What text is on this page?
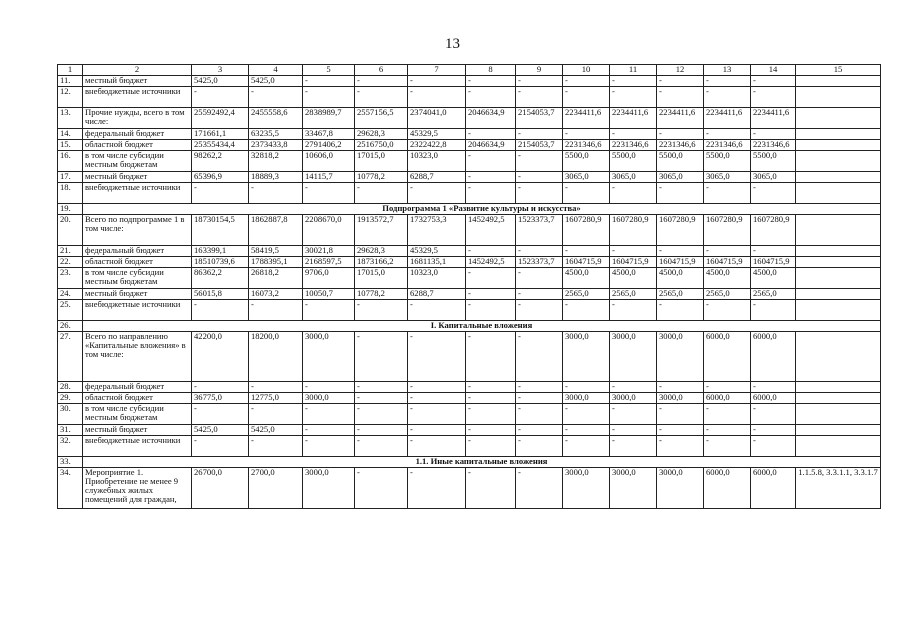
13
1	2	3	4	5	6	7	8	9	10	11	12	13	14	15
11.	местный бюджет	5425,0	5425,0	-	-	-	-	-	-	-	-	-	-	
12.	внебюджетные источники	-	-	-	-	-	-	-	-	-	-	-	-	
13.	Прочие нужды, всего в том числе:	25592492,4	2455558,6	2838989,7	2557156,5	2374041,0	2046634,9	2154053,7	2234411,6	2234411,6	2234411,6	2234411,6	2234411,6	
14.	федеральный бюджет	171661,1	63235,5	33467,8	29628,3	45329,5	-	-	-	-	-	-	-	
15.	областной бюджет	25355434,4	2373433,8	2791406,2	2516750,0	2322422,8	2046634,9	2154053,7	2231346,6	2231346,6	2231346,6	2231346,6	2231346,6	
16.	в том числе субсидии местным бюджетам	98262,2	32818,2	10606,0	17015,0	10323,0	-	-	5500,0	5500,0	5500,0	5500,0	5500,0	
17.	местный бюджет	65396,9	18889,3	14115,7	10778,2	6288,7	-	-	3065,0	3065,0	3065,0	3065,0	3065,0	
18.	внебюджетные источники	-	-	-	-	-	-	-	-	-	-	-	-	
19.	Подпрограмма 1 «Развитие культуры и искусства»													
20.	Всего по подпрограмме 1 в том числе:	18730154,5	1862887,8	2208670,0	1913572,7	1732753,3	1452492,5	1523373,7	1607280,9	1607280,9	1607280,9	1607280,9	1607280,9	
21.	федеральный бюджет	163399,1	58419,5	30021,8	29628,3	45329,5	-	-	-	-	-	-	-	
22.	областной бюджет	18510739,6	1788395,1	2168597,5	1873166,2	1681135,1	1452492,5	1523373,7	1604715,9	1604715,9	1604715,9	1604715,9	1604715,9	
23.	в том числе субсидии местным бюджетам	86362,2	26818,2	9706,0	17015,0	10323,0	-	-	4500,0	4500,0	4500,0	4500,0	4500,0	
24.	местный бюджет	56015,8	16073,2	10050,7	10778,2	6288,7	-	-	2565,0	2565,0	2565,0	2565,0	2565,0	
25.	внебюджетные источники	-	-	-	-	-	-	-	-	-	-	-	-	
26.	I. Капитальные вложения													
27.	Всего по направлению «Капитальные вложения» в том числе:	42200,0	18200,0	3000,0	-	-	-	-	3000,0	3000,0	3000,0	6000,0	6000,0	
28.	федеральный бюджет	-	-	-	-	-	-	-	-	-	-	-	-	
29.	областной бюджет	36775,0	12775,0	3000,0	-	-	-	-	3000,0	3000,0	3000,0	6000,0	6000,0	
30.	в том числе субсидии местным бюджетам	-	-	-	-	-	-	-	-	-	-	-	-	
31.	местный бюджет	5425,0	5425,0	-	-	-	-	-	-	-	-	-	-	
32.	внебюджетные источники	-	-	-	-	-	-	-	-	-	-	-	-	
33.	1.1. Иные капитальные вложения													
34.	Мероприятие 1. Приобретение не менее 9 служебных жилых помещений для граждан,	26700,0	2700,0	3000,0	-	-	-	-	3000,0	3000,0	3000,0	6000,0	6000,0	1.1.5.8, 3.3.1.1, 3.3.1.7
